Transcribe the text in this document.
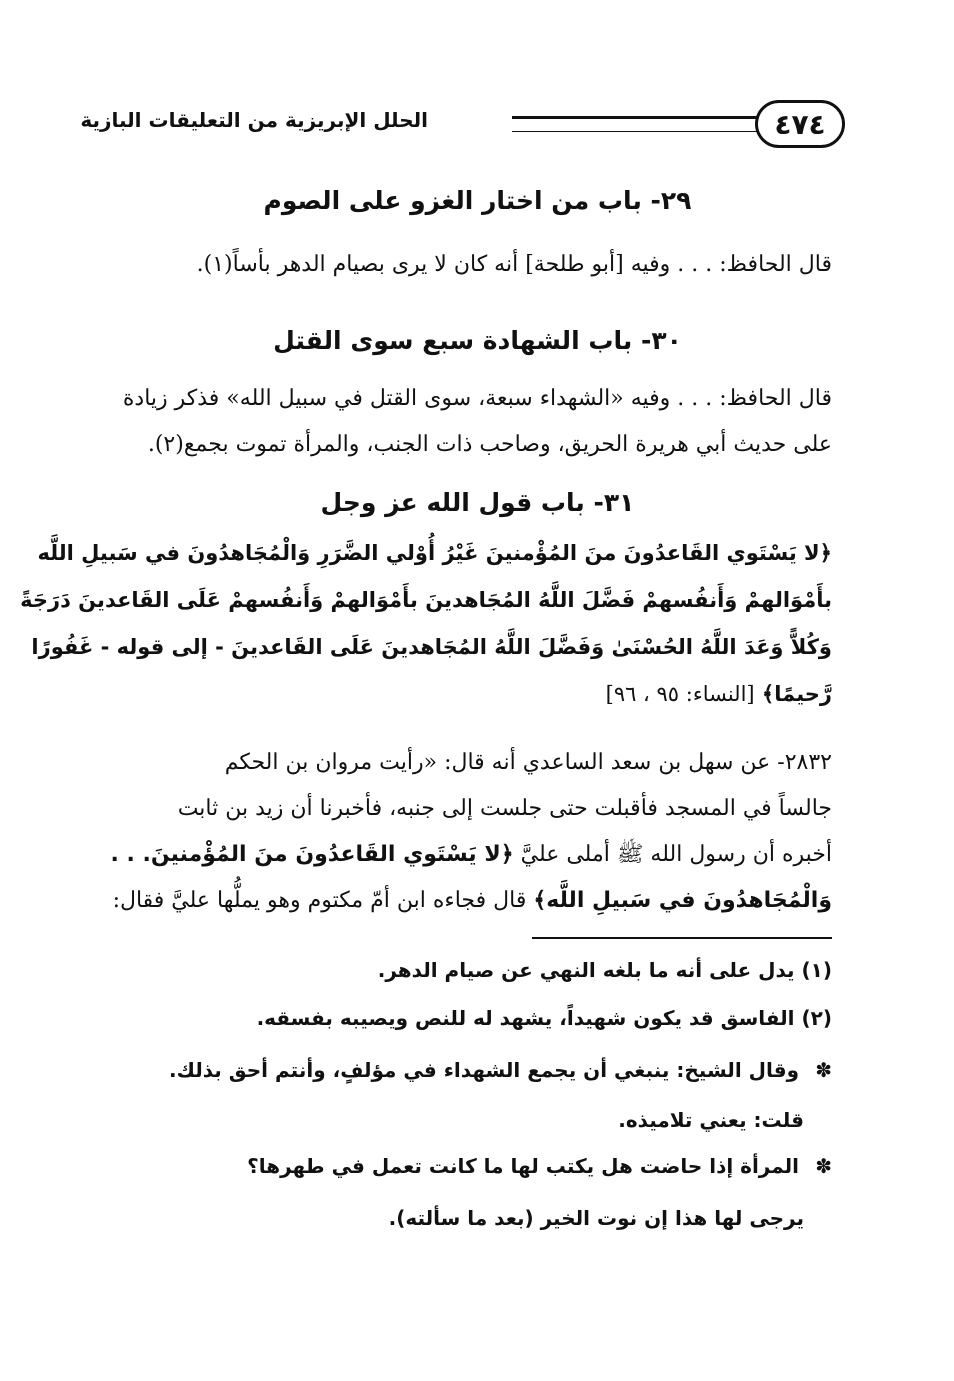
٤٧٤
الحلل الإبريزية من التعليقات البازية
٢٩- باب من اختار الغزو على الصوم
قال الحافظ: . . . وفيه [أبو طلحة] أنه كان لا يرى بصيام الدهر بأساً(١).
٣٠- باب الشهادة سبع سوى القتل
قال الحافظ: . . . وفيه «الشهداء سبعة، سوى القتل في سبيل الله» فذكر زيادة
على حديث أبي هريرة الحريق، وصاحب ذات الجنب، والمرأة تموت بجمع(٢).
٣١- باب قول الله عز وجل
﴿لا يَسْتَوي القَاعدُونَ منَ المُؤْمنينَ غَيْرُ أُوْلي الضَّرَرِ وَالْمُجَاهدُونَ في سَبيلِ اللَّه
بأَمْوَالهمْ وَأَنفُسهمْ فَضَّلَ اللَّهُ المُجَاهدينَ بأَمْوَالهمْ وَأَنفُسهمْ عَلَى القَاعدينَ دَرَجَةً
وَكُلاًّ وَعَدَ اللَّهُ الحُسْنَىٰ وَفَضَّلَ اللَّهُ المُجَاهدينَ عَلَى القَاعدينَ - إلى قوله - غَفُورًا
رَّحيمًا﴾ [النساء: ٩٥ ، ٩٦]
٢٨٣٢- عن سهل بن سعد الساعدي أنه قال: «رأيت مروان بن الحكم
جالساً في المسجد فأقبلت حتى جلست إلى جنبه، فأخبرنا أن زيد بن ثابت
أخبره أن رسول الله ﷺ أملى عليَّ ﴿لا يَسْتَوي القَاعدُونَ منَ المُؤْمنينَ. . .
وَالْمُجَاهدُونَ في سَبيلِ اللَّه﴾ قال فجاءه ابن أمّ مكتوم وهو يملُّها عليَّ فقال:
(١) يدل على أنه ما بلغه النهي عن صيام الدهر.
(٢) الفاسق قد يكون شهيداً، يشهد له للنص ويصيبه بفسقه.
✽ وقال الشيخ: ينبغي أن يجمع الشهداء في مؤلفٍ، وأنتم أحق بذلك.
قلت: يعني تلاميذه.
✽ المرأة إذا حاضت هل يكتب لها ما كانت تعمل في طهرها؟
يرجى لها هذا إن نوت الخير (بعد ما سألته).
